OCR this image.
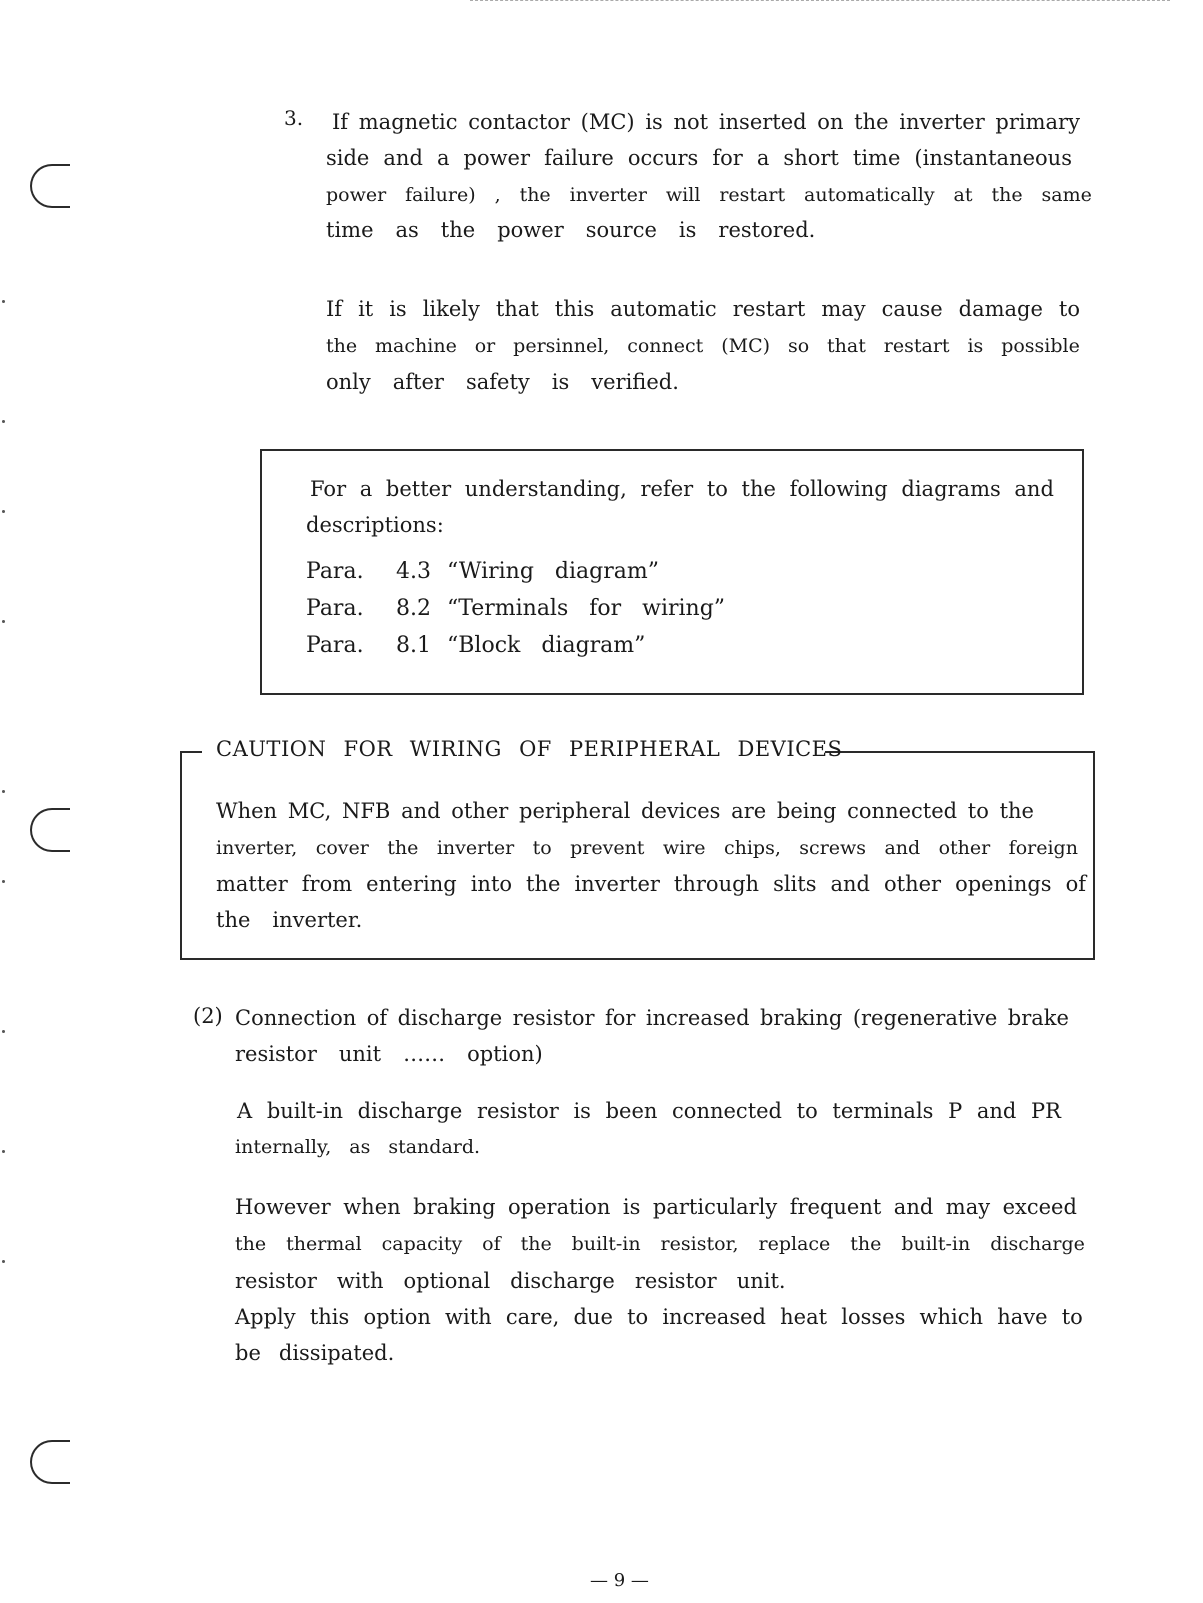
3. If magnetic contactor (MC) is not inserted on the inverter primary
side and a power failure occurs for a short time (instantaneous
power failure) , the inverter will restart automatically at the same
time as the power source is restored.
If it is likely that this automatic restart may cause damage to
the machine or persinnel, connect (MC) so that restart is possible
only after safety is verified.
For a better understanding, refer to the following diagrams and
descriptions:
Para. 4.3 “Wiring   diagram”
Para. 8.2 “Terminals   for   wiring”
Para. 8.1 “Block   diagram”
CAUTION FOR WIRING OF PERIPHERAL DEVICES
When MC, NFB and other peripheral devices are being connected to the
inverter, cover the inverter to prevent wire chips, screws and other foreign
matter from entering into the inverter through slits and other openings of
the inverter.
(2) Connection of discharge resistor for increased braking (regenerative brake
resistor unit …… option)
A built-in discharge resistor is been connected to terminals P and PR
internally, as standard.
However when braking operation is particularly frequent and may exceed
the thermal capacity of the built-in resistor, replace the built-in discharge
resistor with optional discharge resistor unit.
Apply this option with care, due to increased heat losses which have to
be dissipated.
— 9 —
